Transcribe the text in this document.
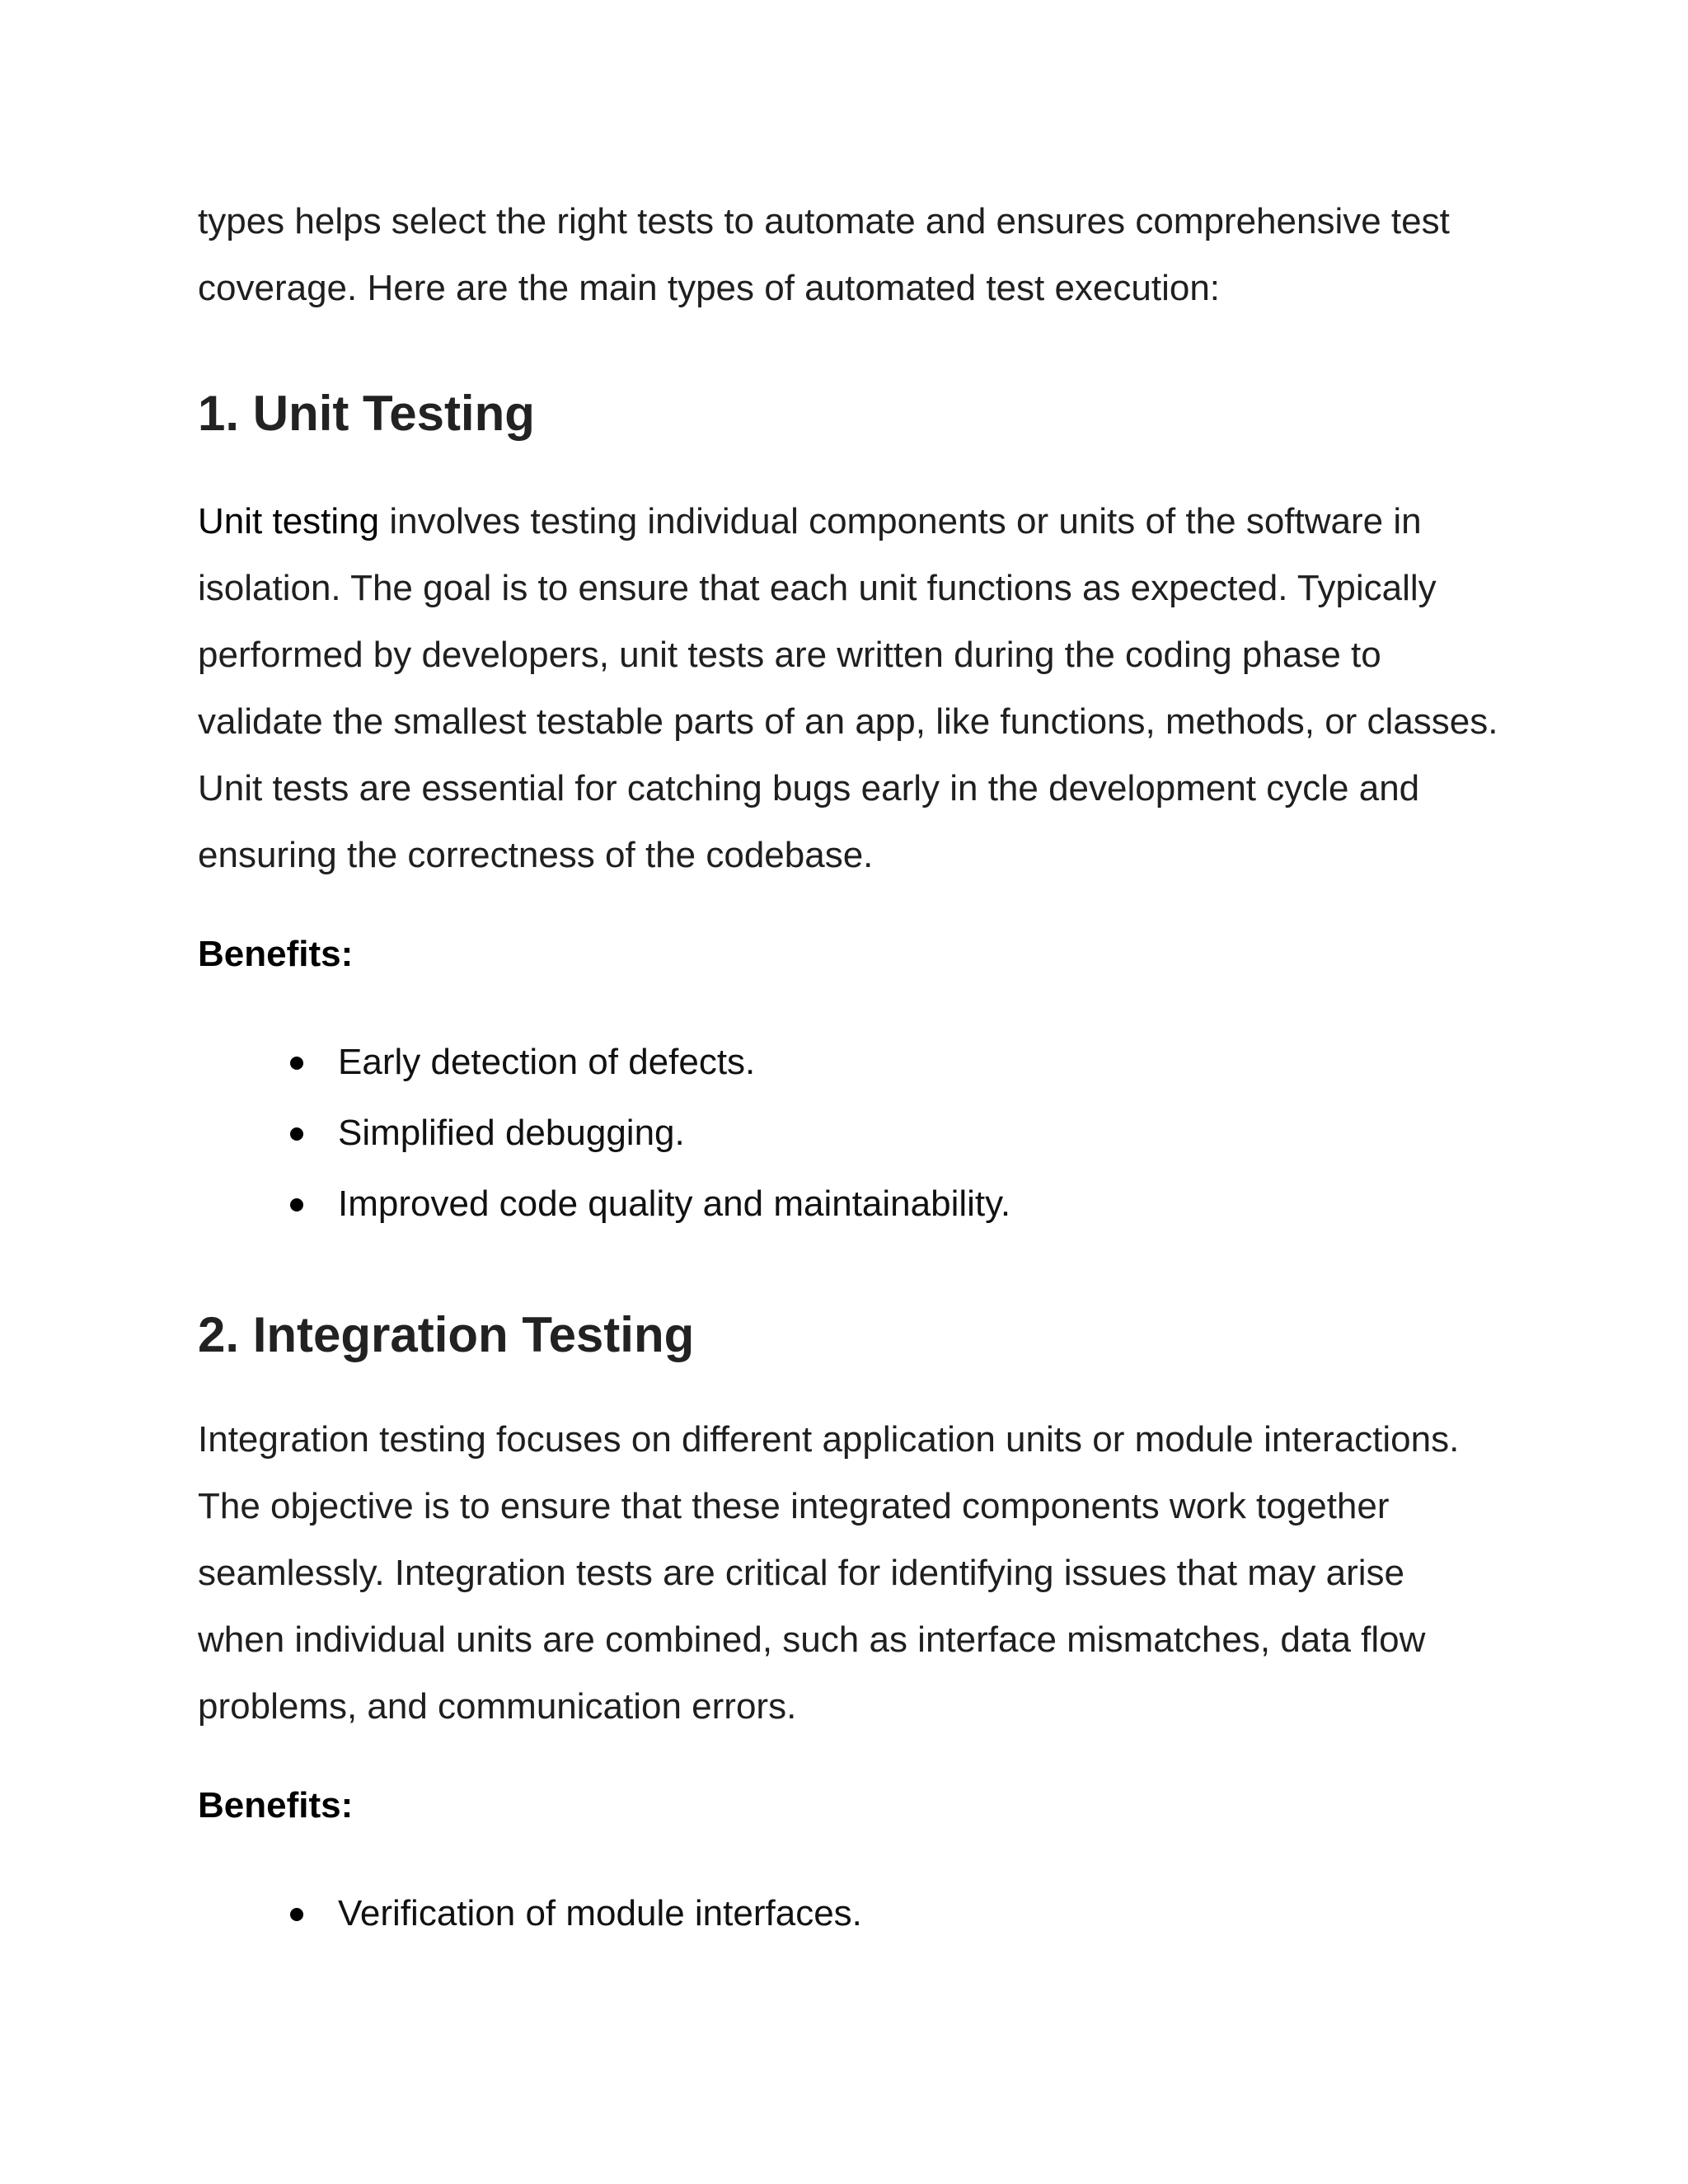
types helps select the right tests to automate and ensures comprehensive test coverage. Here are the main types of automated test execution:

1. Unit Testing

Unit testing involves testing individual components or units of the software in isolation. The goal is to ensure that each unit functions as expected. Typically performed by developers, unit tests are written during the coding phase to validate the smallest testable parts of an app, like functions, methods, or classes. Unit tests are essential for catching bugs early in the development cycle and ensuring the correctness of the codebase.

Benefits:

Early detection of defects.
Simplified debugging.
Improved code quality and maintainability.
2. Integration Testing

Integration testing focuses on different application units or module interactions. The objective is to ensure that these integrated components work together seamlessly. Integration tests are critical for identifying issues that may arise when individual units are combined, such as interface mismatches, data flow problems, and communication errors.

Benefits:

Verification of module interfaces.
